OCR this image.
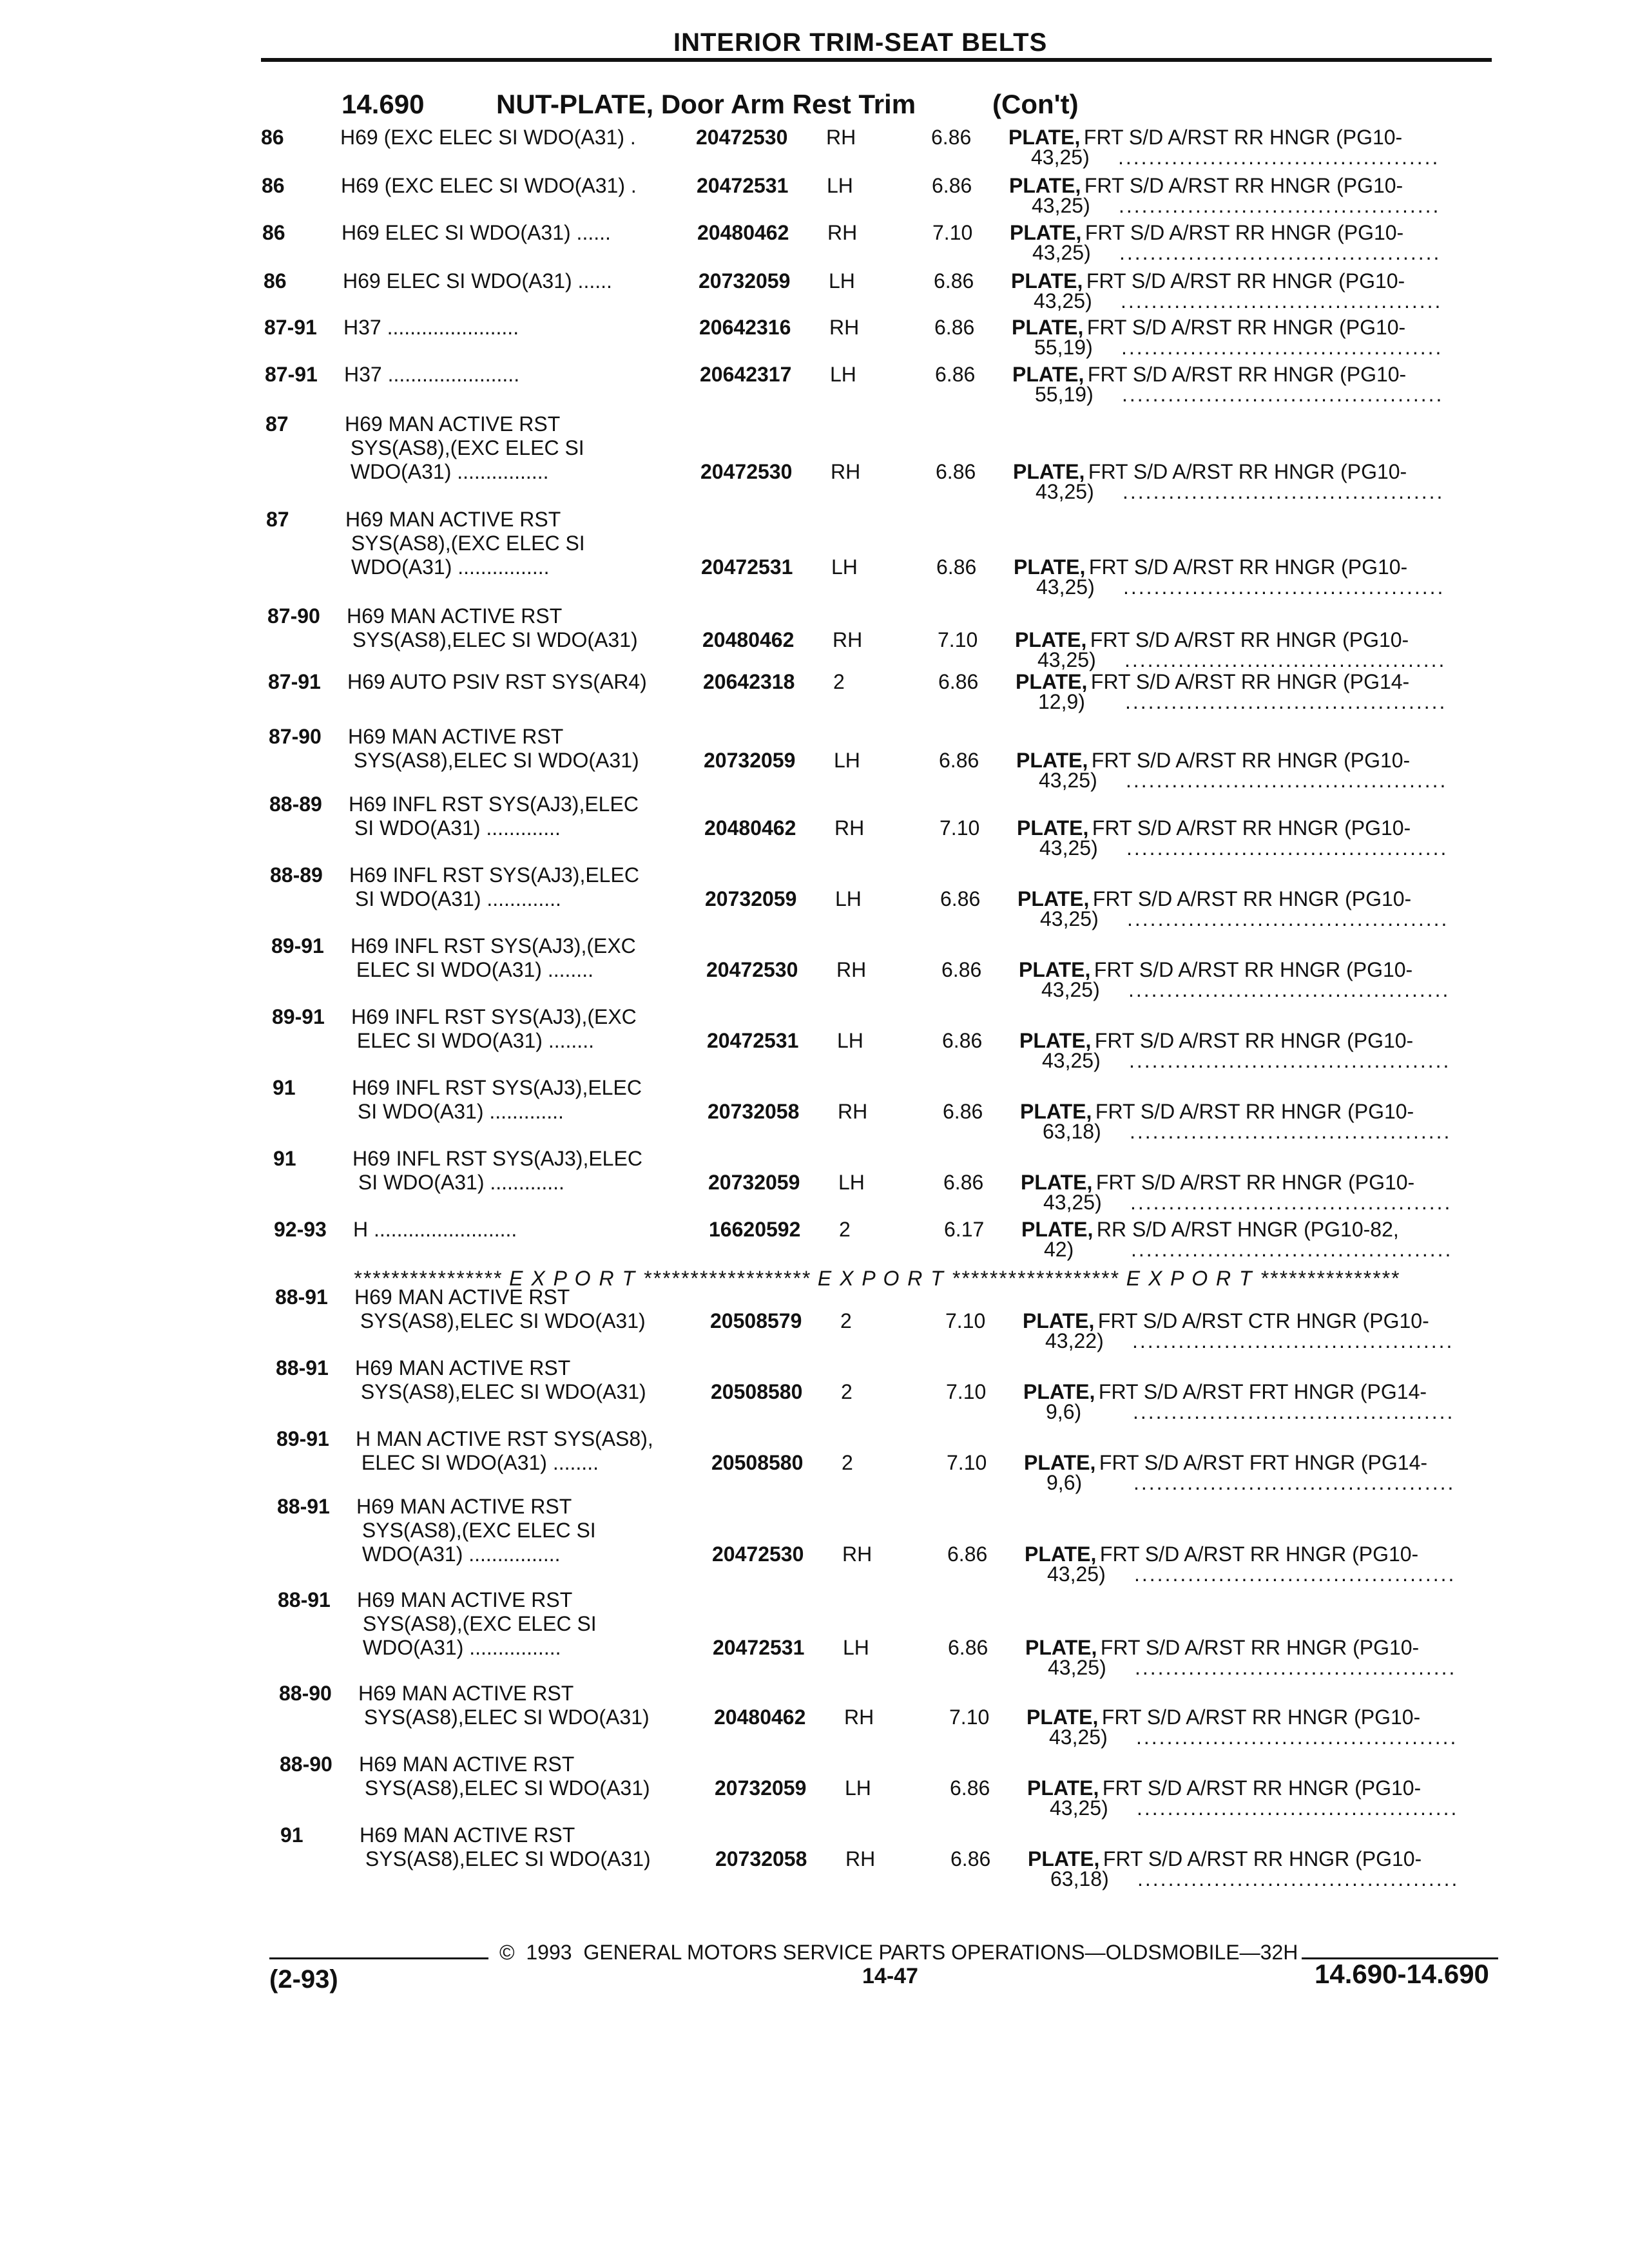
INTERIOR TRIM-SEAT BELTS
14.690	NUT-PLATE, Door Arm Rest Trim	(Con't)
86	H69 (EXC ELEC SI WDO(A31) .	20472530 RH	6.86 PLATE,
FRT S/D A/RST RR HNGR (PG10-
43,25) ..........................................
86	H69 (EXC ELEC SI WDO(A31) .	20472531 LH	6.86 PLATE,
FRT S/D A/RST RR HNGR (PG10-
43,25) ..........................................
86	H69 ELEC SI WDO(A31) ......	20480462 RH	7.10 PLATE,
FRT S/D A/RST RR HNGR (PG10-
43,25) ..........................................
86	H69 ELEC SI WDO(A31) ......	20732059 LH	6.86 PLATE,
FRT S/D A/RST RR HNGR (PG10-
43,25) ..........................................
87-91 H37 .......................	20642316 RH	6.86 PLATE,
FRT S/D A/RST RR HNGR (PG10-
55,19) ..........................................
87-91 H37 .......................	20642317 LH	6.86 PLATE,
FRT S/D A/RST RR HNGR (PG10-
55,19) ..........................................
87	H69 MAN ACTIVE RST
SYS(AS8),(EXC ELEC SI
WDO(A31) ................	20472530 RH	6.86 PLATE,
FRT S/D A/RST RR HNGR (PG10-
43,25) ..........................................
87	H69 MAN ACTIVE RST
SYS(AS8),(EXC ELEC SI
WDO(A31) ................	20472531 LH	6.86 PLATE,
FRT S/D A/RST RR HNGR (PG10-
43,25) ..........................................
87-90 H69 MAN ACTIVE RST
SYS(AS8),ELEC SI WDO(A31)	20480462 RH	7.10 PLATE,
FRT S/D A/RST RR HNGR (PG10-
43,25) ..........................................
87-91 H69 AUTO PSIV RST SYS(AR4)	20642318 2	6.86 PLATE,
FRT S/D A/RST RR HNGR (PG14-
12,9) ..........................................
87-90 H69 MAN ACTIVE RST
SYS(AS8),ELEC SI WDO(A31)	20732059 LH	6.86 PLATE,
FRT S/D A/RST RR HNGR (PG10-
43,25) ..........................................
88-89 H69 INFL RST SYS(AJ3),ELEC
SI WDO(A31) .............	20480462 RH	7.10 PLATE,
FRT S/D A/RST RR HNGR (PG10-
43,25) ..........................................
88-89 H69 INFL RST SYS(AJ3),ELEC
SI WDO(A31) .............	20732059 LH	6.86 PLATE,
FRT S/D A/RST RR HNGR (PG10-
43,25) ..........................................
89-91 H69 INFL RST SYS(AJ3),(EXC
ELEC SI WDO(A31) ........	20472530 RH	6.86 PLATE,
FRT S/D A/RST RR HNGR (PG10-
43,25) ..........................................
89-91 H69 INFL RST SYS(AJ3),(EXC
ELEC SI WDO(A31) ........	20472531 LH	6.86 PLATE,
FRT S/D A/RST RR HNGR (PG10-
43,25) ..........................................
91	H69 INFL RST SYS(AJ3),ELEC
SI WDO(A31) .............	20732058 RH	6.86 PLATE,
FRT S/D A/RST RR HNGR (PG10-
63,18) ..........................................
91	H69 INFL RST SYS(AJ3),ELEC
SI WDO(A31) .............	20732059 LH	6.86 PLATE,
FRT S/D A/RST RR HNGR (PG10-
43,25) ..........................................
92-93 H .........................	16620592 2	6.17 PLATE,
RR S/D A/RST HNGR (PG10-82,
42)	..........................................
88-91 H69 MAN ACTIVE RST
SYS(AS8),ELEC SI WDO(A31)	20508579 2	7.10 PLATE,
FRT S/D A/RST CTR HNGR (PG10-
43,22) ..........................................
88-91 H69 MAN ACTIVE RST
SYS(AS8),ELEC SI WDO(A31)	20508580 2	7.10 PLATE,
FRT S/D A/RST FRT HNGR (PG14-
9,6) ..........................................
89-91 H MAN ACTIVE RST SYS(AS8),
ELEC SI WDO(A31) ........	20508580 2	7.10 PLATE,
FRT S/D A/RST FRT HNGR (PG14-
9,6) ..........................................
88-91 H69 MAN ACTIVE RST
SYS(AS8),(EXC ELEC SI
WDO(A31) ................	20472530 RH	6.86 PLATE,
FRT S/D A/RST RR HNGR (PG10-
43,25) ..........................................
88-91 H69 MAN ACTIVE RST
SYS(AS8),(EXC ELEC SI
WDO(A31) ................	20472531 LH	6.86 PLATE,
FRT S/D A/RST RR HNGR (PG10-
43,25) ..........................................
88-90 H69 MAN ACTIVE RST
SYS(AS8),ELEC SI WDO(A31)	20480462 RH	7.10 PLATE,
FRT S/D A/RST RR HNGR (PG10-
43,25) ..........................................
88-90 H69 MAN ACTIVE RST
SYS(AS8),ELEC SI WDO(A31)	20732059 LH	6.86 PLATE,
FRT S/D A/RST RR HNGR (PG10-
43,25) ..........................................
91	H69 MAN ACTIVE RST
SYS(AS8),ELEC SI WDO(A31)	20732058 RH	6.86 PLATE,
FRT S/D A/RST RR HNGR (PG10-
63,18) ..........................................
**************** E X P O R T ****************** E X P O R T ****************** E X P O R T ***************
©  1993  GENERAL MOTORS SERVICE PARTS OPERATIONS—OLDSMOBILE—32H
(2-93)	14-47	14.690-14.690
